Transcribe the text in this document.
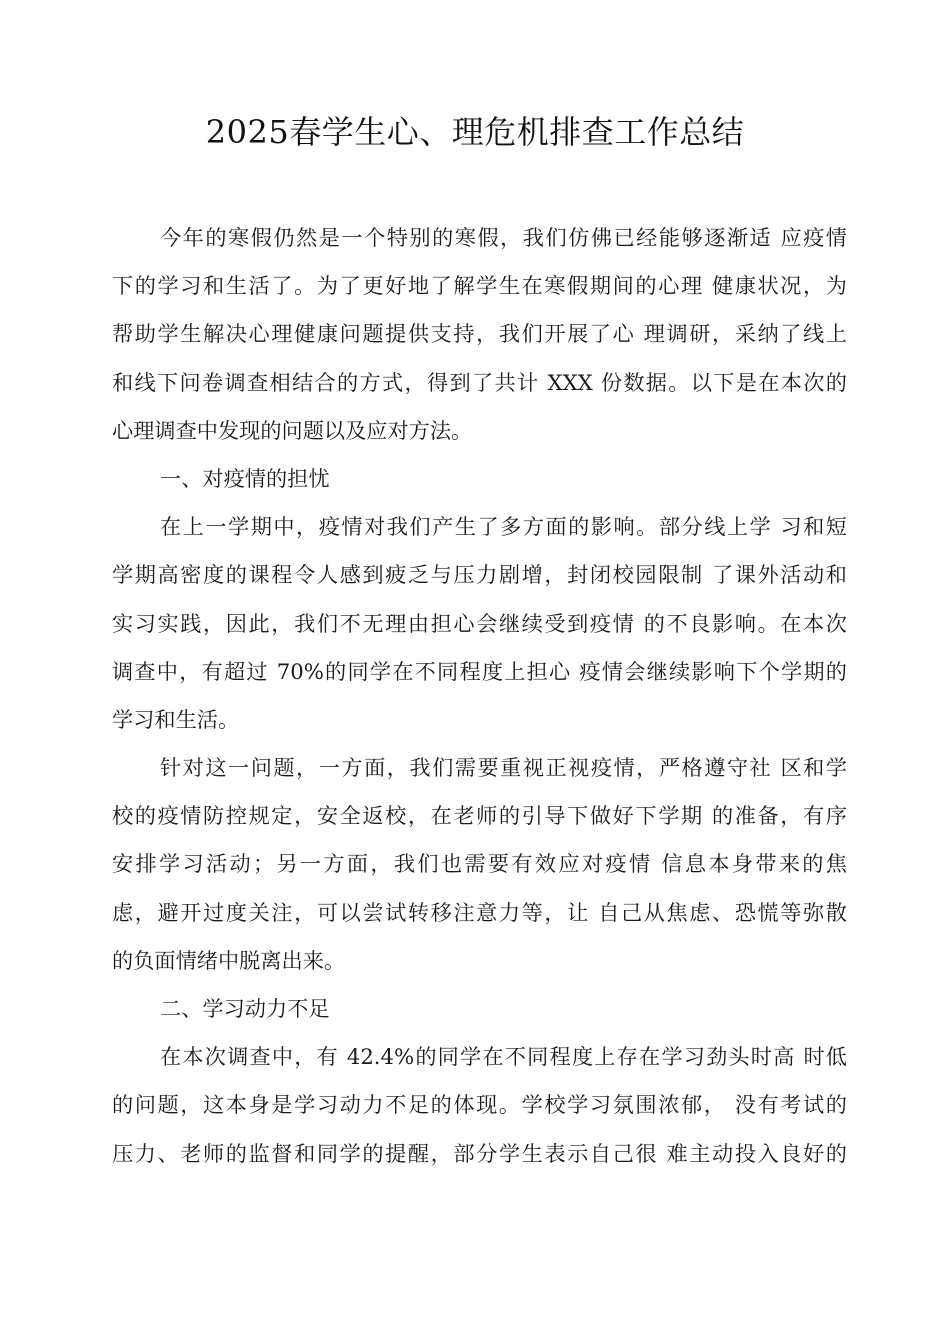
2025春学生心、理危机排查工作总结
今年的寒假仍然是一个特别的寒假，我们仿佛已经能够逐渐适 应疫情
下的学习和生活了。为了更好地了解学生在寒假期间的心理 健康状况，为
帮助学生解决心理健康问题提供支持，我们开展了心 理调研，采纳了线上
和线下问卷调查相结合的方式，得到了共计 XXX 份数据。以下是在本次的
心理调查中发现的问题以及应对方法。
一、对疫情的担忧
在上一学期中，疫情对我们产生了多方面的影响。部分线上学 习和短
学期高密度的课程令人感到疲乏与压力剧增，封闭校园限制 了课外活动和
实习实践，因此，我们不无理由担心会继续受到疫情 的不良影响。在本次
调查中，有超过 70%的同学在不同程度上担心 疫情会继续影响下个学期的
学习和生活。
针对这一问题，一方面，我们需要重视正视疫情，严格遵守社 区和学
校的疫情防控规定，安全返校，在老师的引导下做好下学期 的准备，有序
安排学习活动；另一方面，我们也需要有效应对疫情 信息本身带来的焦
虑，避开过度关注，可以尝试转移注意力等，让 自己从焦虑、恐慌等弥散
的负面情绪中脱离出来。
二、学习动力不足
在本次调查中，有 42.4%的同学在不同程度上存在学习劲头时高 时低
的问题，这本身是学习动力不足的体现。学校学习氛围浓郁， 没有考试的
压力、老师的监督和同学的提醒，部分学生表示自己很 难主动投入良好的
